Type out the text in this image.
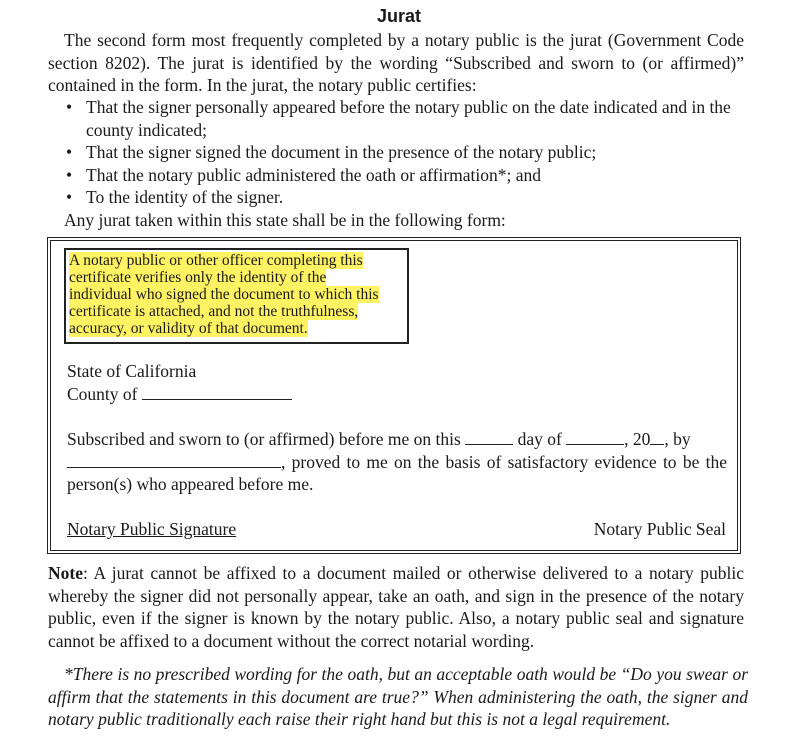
Jurat
The second form most frequently completed by a notary public is the jurat (Government Code section 8202). The jurat is identified by the wording “Subscribed and sworn to (or affirmed)” contained in the form. In the jurat, the notary public certifies:
• That the signer personally appeared before the notary public on the date indicated and in the county indicated;
• That the signer signed the document in the presence of the notary public;
• That the notary public administered the oath or affirmation*; and
• To the identity of the signer.
Any jurat taken within this state shall be in the following form:
A notary public or other officer completing this
certificate verifies only the identity of the
individual who signed the document to which this
certificate is attached, and not the truthfulness,
accuracy, or validity of that document.
State of California
County of
Subscribed and sworn to (or affirmed) before me on this	day of	, 20 , by
, proved to me on the basis of satisfactory evidence to be the person(s) who appeared before me.
Notary Public Signature	Notary Public Seal
Note: A jurat cannot be affixed to a document mailed or otherwise delivered to a notary public whereby the signer did not personally appear, take an oath, and sign in the presence of the notary public, even if the signer is known by the notary public. Also, a notary public seal and signature cannot be affixed to a document without the correct notarial wording.
*There is no prescribed wording for the oath, but an acceptable oath would be “Do you swear or affirm that the statements in this document are true?” When administering the oath, the signer and notary public traditionally each raise their right hand but this is not a legal requirement.
